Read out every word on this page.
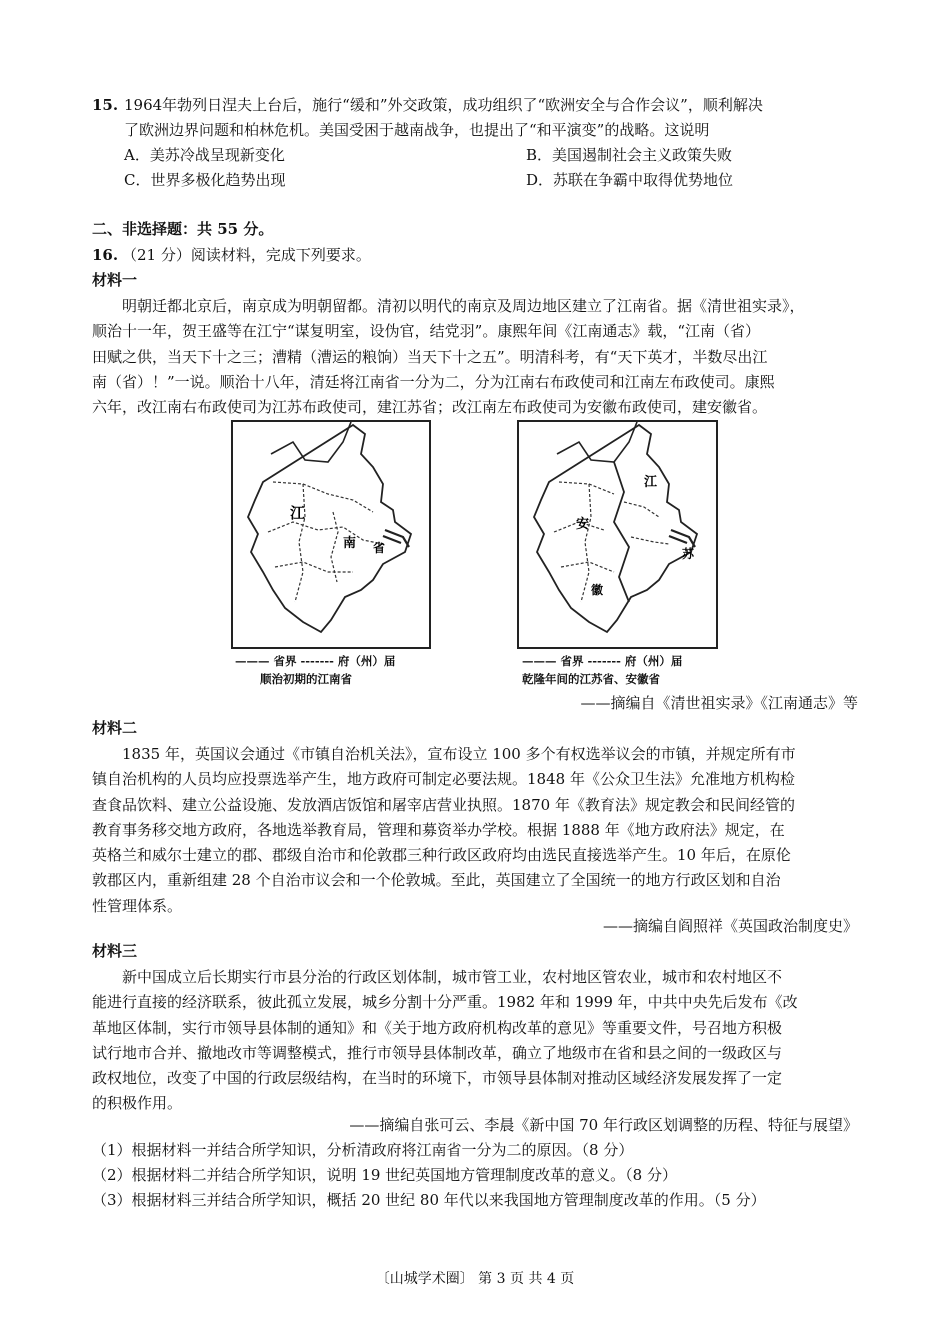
15. 1964年勃列日涅夫上台后，施行“缓和”外交政策，成功组织了“欧洲安全与合作会议”，顺利解决
了欧洲边界问题和柏林危机。美国受困于越南战争，也提出了“和平演变”的战略。这说明
A．美苏冷战呈现新变化	B．美国遏制社会主义政策失败
C．世界多极化趋势出现	D．苏联在争霸中取得优势地位
二、非选择题：共 55 分。
16. （21 分）阅读材料，完成下列要求。
材料一

明朝迁都北京后，南京成为明朝留都。清初以明代的南京及周边地区建立了江南省。据《清世祖实录》，

顺治十一年，贺王盛等在江宁“谋复明室，设伪官，结党羽”。康熙年间《江南通志》载，“江南（省）

田赋之供，当天下十之三；漕精（漕运的粮饷）当天下十之五”。明清科考，有“天下英才，半数尽出江

南（省）！”一说。顺治十八年，清廷将江南省一分为二，分为江南右布政使司和江南左布政使司。康熙

六年，改江南右布政使司为江苏布政使司，建江苏省；改江南左布政使司为安徽布政使司，建安徽省。

江
南 省
——— 省界 ------- 府（州）届
顺治初期的江南省
安
徽
江
苏
——— 省界 ------- 府（州）届
乾隆年间的江苏省、安徽省
——摘编自《清世祖实录》《江南通志》等
材料二

1835 年，英国议会通过《市镇自治机关法》，宣布设立 100 多个有权选举议会的市镇，并规定所有市

镇自治机构的人员均应投票选举产生，地方政府可制定必要法规。1848 年《公众卫生法》允准地方机构检

查食品饮料、建立公益设施、发放酒店饭馆和屠宰店营业执照。1870 年《教育法》规定教会和民间经管的

教育事务移交地方政府，各地选举教育局，管理和募资举办学校。根据 1888 年《地方政府法》规定，在

英格兰和威尔士建立的郡、郡级自治市和伦敦郡三种行政区政府均由选民直接选举产生。10 年后，在原伦

敦郡区内，重新组建 28 个自治市议会和一个伦敦城。至此，英国建立了全国统一的地方行政区划和自治

性管理体系。

——摘编自阎照祥《英国政治制度史》
材料三

新中国成立后长期实行市县分治的行政区划体制，城市管工业，农村地区管农业，城市和农村地区不

能进行直接的经济联系，彼此孤立发展，城乡分割十分严重。1982 年和 1999 年，中共中央先后发布《改

革地区体制，实行市领导县体制的通知》和《关于地方政府机构改革的意见》等重要文件，号召地方积极

试行地市合并、撤地改市等调整模式，推行市领导县体制改革，确立了地级市在省和县之间的一级政区与

政权地位，改变了中国的行政层级结构，在当时的环境下，市领导县体制对推动区域经济发展发挥了一定

的积极作用。

——摘编自张可云、李晨《新中国 70 年行政区划调整的历程、特征与展望》
（1）根据材料一并结合所学知识，分析清政府将江南省一分为二的原因。（8 分）
（2）根据材料二并结合所学知识，说明 19 世纪英国地方管理制度改革的意义。（8 分）
（3）根据材料三并结合所学知识，概括 20 世纪 80 年代以来我国地方管理制度改革的作用。（5 分）
〔山城学术圈〕 第 3 页 共 4 页
